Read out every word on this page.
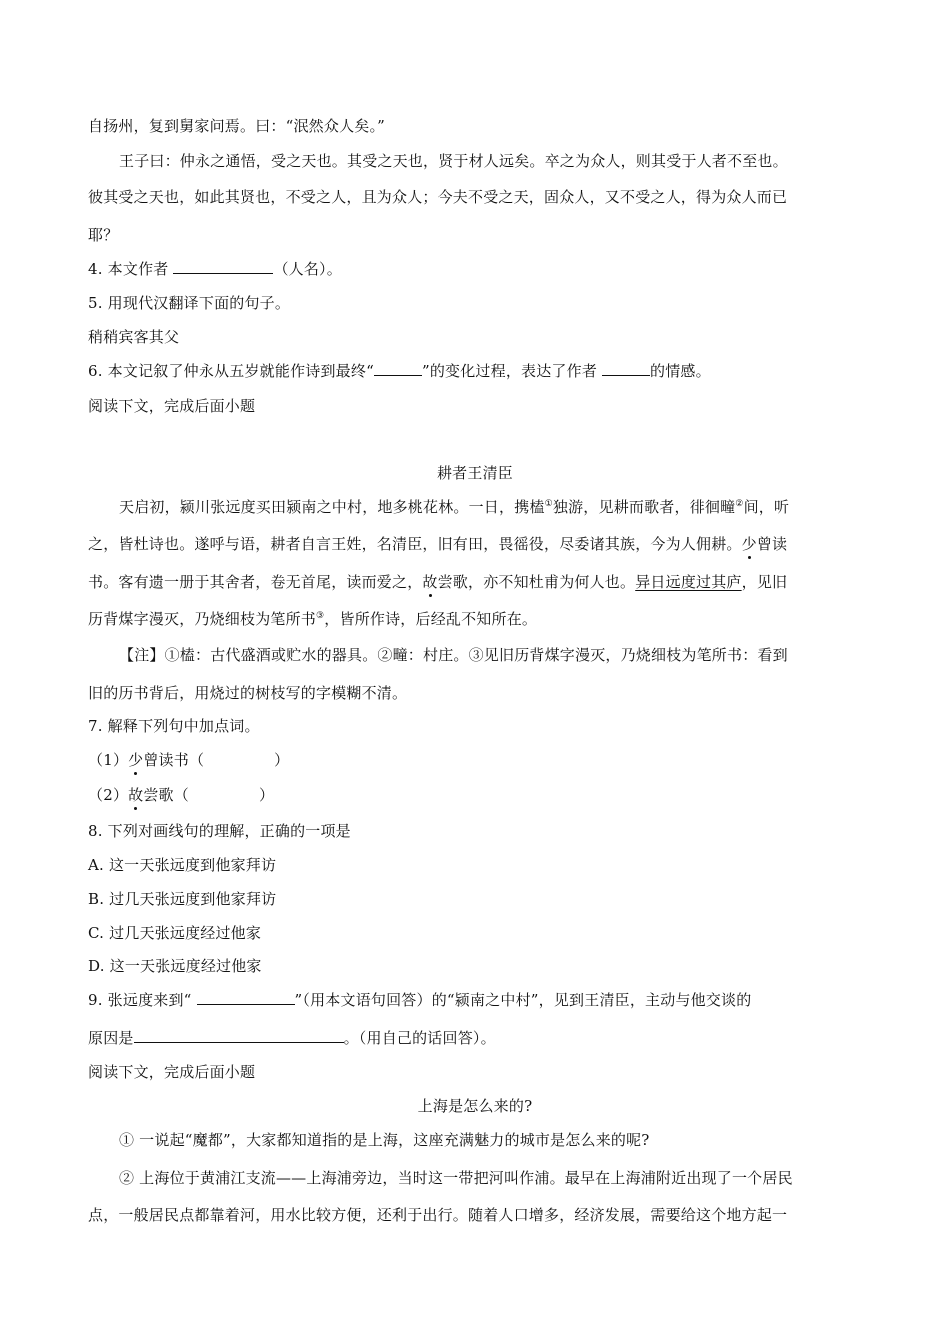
自扬州，复到舅家问焉。曰：“泯然众人矣。”
王子曰：仲永之通悟，受之天也。其受之天也，贤于材人远矣。卒之为众人，则其受于人者不至也。
彼其受之天也，如此其贤也，不受之人，且为众人；今夫不受之天，固众人，又不受之人，得为众人而已
耶？
4. 本文作者	（人名）。
5. 用现代汉翻译下面的句子。
稍稍宾客其父
6. 本文记叙了仲永从五岁就能作诗到最终“	”的变化过程，表达了作者	的情感。
阅读下文，完成后面小题
耕者王清臣
天启初，颍川张远度买田颍南之中村，地多桃花林。一日，携榼①独游，见耕而歌者，徘徊疃②间，听
之，皆杜诗也。遂呼与语，耕者自言王姓，名清臣，旧有田，畏徭役，尽委诸其族，今为人佣耕。少曾读
书。客有遗一册于其舍者，卷无首尾，读而爱之，故尝歌，亦不知杜甫为何人也。异日远度过其庐，见旧
历背煤字漫灭，乃烧细枝为笔所书③，皆所作诗，后经乱不知所在。
【注】①榼：古代盛酒或贮水的器具。②疃：村庄。③见旧历背煤字漫灭，乃烧细枝为笔所书：看到
旧的历书背后，用烧过的树枝写的字模糊不清。
7. 解释下列句中加点词。
（1）少曾读书（	）
（2）故尝歌（	）
8. 下列对画线句的理解，正确的一项是
A. 这一天张远度到他家拜访
B. 过几天张远度到他家拜访
C. 过几天张远度经过他家
D. 这一天张远度经过他家
9. 张远度来到“	”（用本文语句回答）的“颍南之中村”，见到王清臣，主动与他交谈的
原因是	。（用自己的话回答）。
阅读下文，完成后面小题
上海是怎么来的?
① 一说起“魔都”，大家都知道指的是上海，这座充满魅力的城市是怎么来的呢?
② 上海位于黄浦江支流——上海浦旁边，当时这一带把河叫作浦。最早在上海浦附近出现了一个居民
点，一般居民点都靠着河，用水比较方便，还利于出行。随着人口增多，经济发展，需要给这个地方起一
